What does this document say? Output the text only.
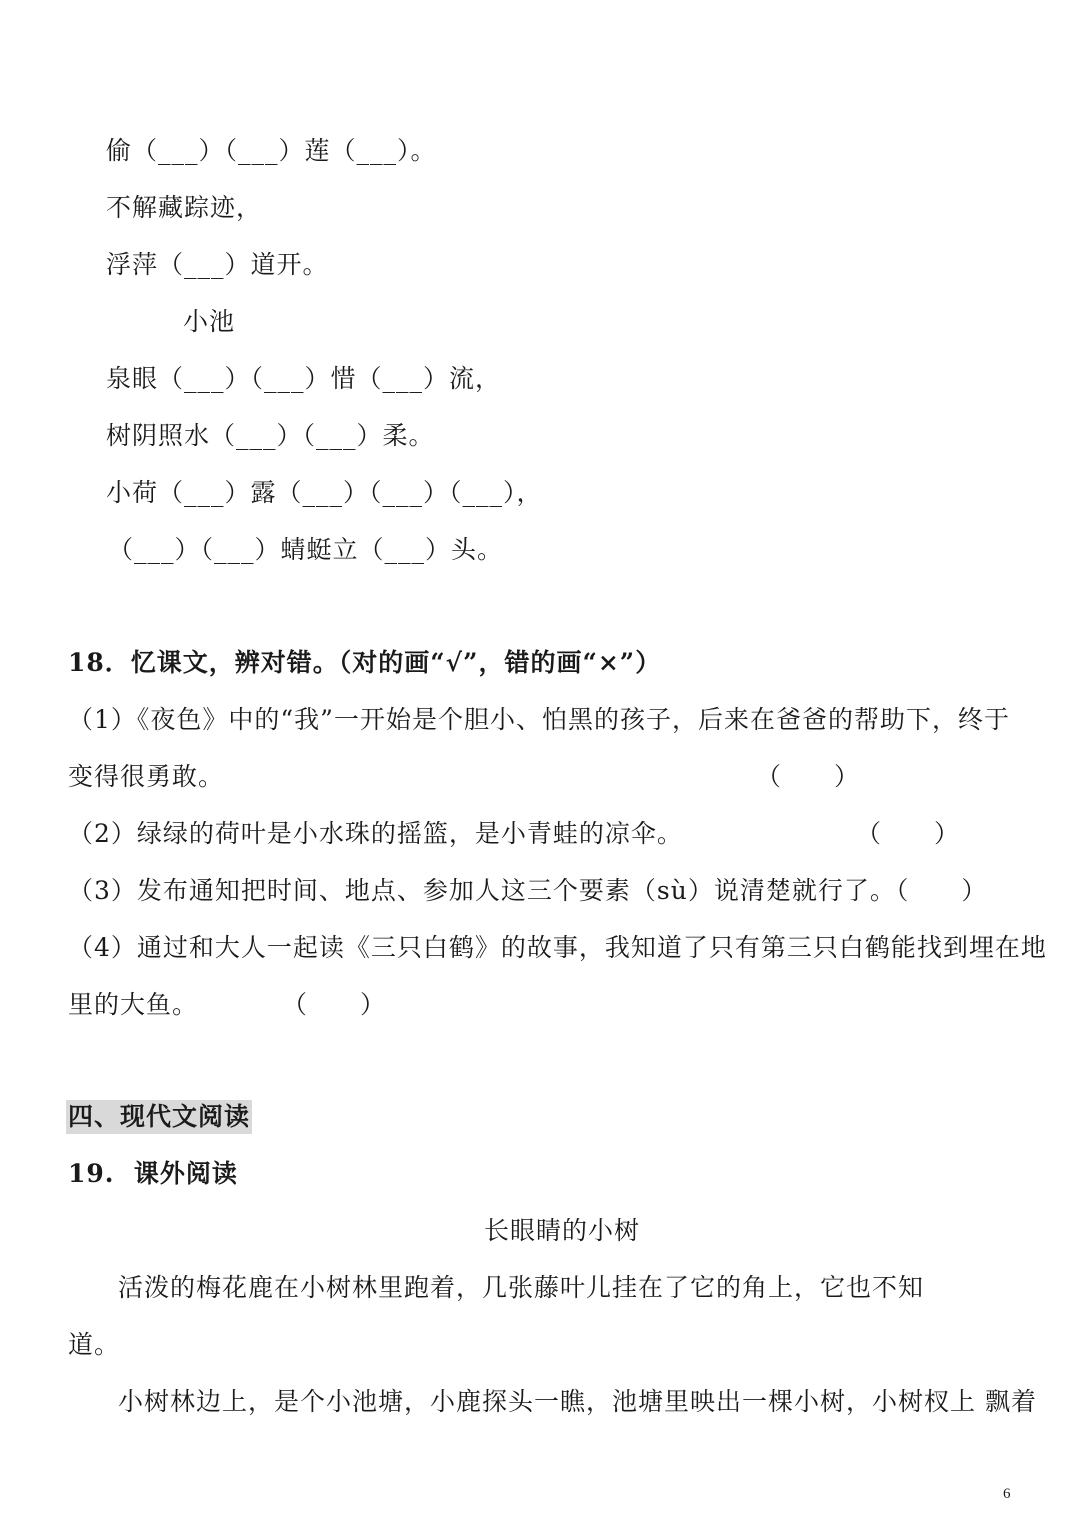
偷（___）（___）莲（___）。
不解藏踪迹，
浮萍（___）道开。
小池
泉眼（___）（___）惜（___）流，
树阴照水（___）（___）柔。
小荷（___）露（___）（___）（___），
（___）（___）蜻蜓立（___）头。
18．忆课文，辨对错。（对的画“√”，错的画“×”）
（1）《夜色》中的“我”一开始是个胆小、怕黑的孩子，后来在爸爸的帮助下，终于
变得很勇敢。	（　　）
（2）绿绿的荷叶是小水珠的摇篮，是小青蛙的凉伞。	（　　）
（3）发布通知把时间、地点、参加人这三个要素（sù）说清楚就行了。（　　）
（4）通过和大人一起读《三只白鹤》的故事，我知道了只有第三只白鹤能找到埋在地
里的大鱼。	（　　）
四、现代文阅读
19.  课外阅读
长眼睛的小树
　活泼的梅花鹿在小树林里跑着，几张藤叶儿挂在了它的角上，它也不知
道。
　小树林边上，是个小池塘，小鹿探头一瞧，池塘里映出一棵小树，小树杈上 飘着
6
